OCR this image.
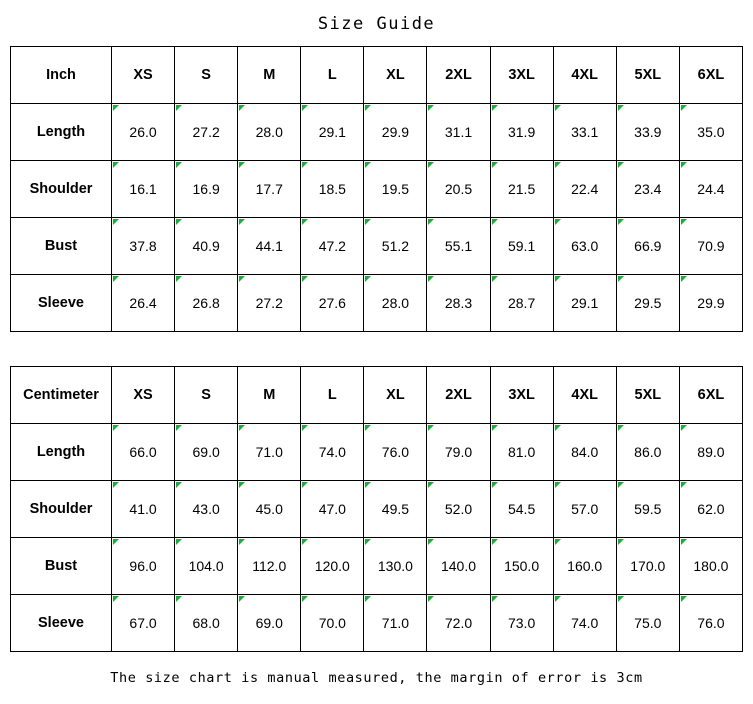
Size Guide
Inch	XS	S	M	L	XL	2XL	3XL	4XL	5XL	6XL
Length	26.0	27.2	28.0	29.1	29.9	31.1	31.9	33.1	33.9	35.0
Shoulder	16.1	16.9	17.7	18.5	19.5	20.5	21.5	22.4	23.4	24.4
Bust	37.8	40.9	44.1	47.2	51.2	55.1	59.1	63.0	66.9	70.9
Sleeve	26.4	26.8	27.2	27.6	28.0	28.3	28.7	29.1	29.5	29.9
Centimeter	XS	S	M	L	XL	2XL	3XL	4XL	5XL	6XL
Length	66.0	69.0	71.0	74.0	76.0	79.0	81.0	84.0	86.0	89.0
Shoulder	41.0	43.0	45.0	47.0	49.5	52.0	54.5	57.0	59.5	62.0
Bust	96.0	104.0	112.0	120.0	130.0	140.0	150.0	160.0	170.0	180.0
Sleeve	67.0	68.0	69.0	70.0	71.0	72.0	73.0	74.0	75.0	76.0
The size chart is manual measured, the margin of error is 3cm
